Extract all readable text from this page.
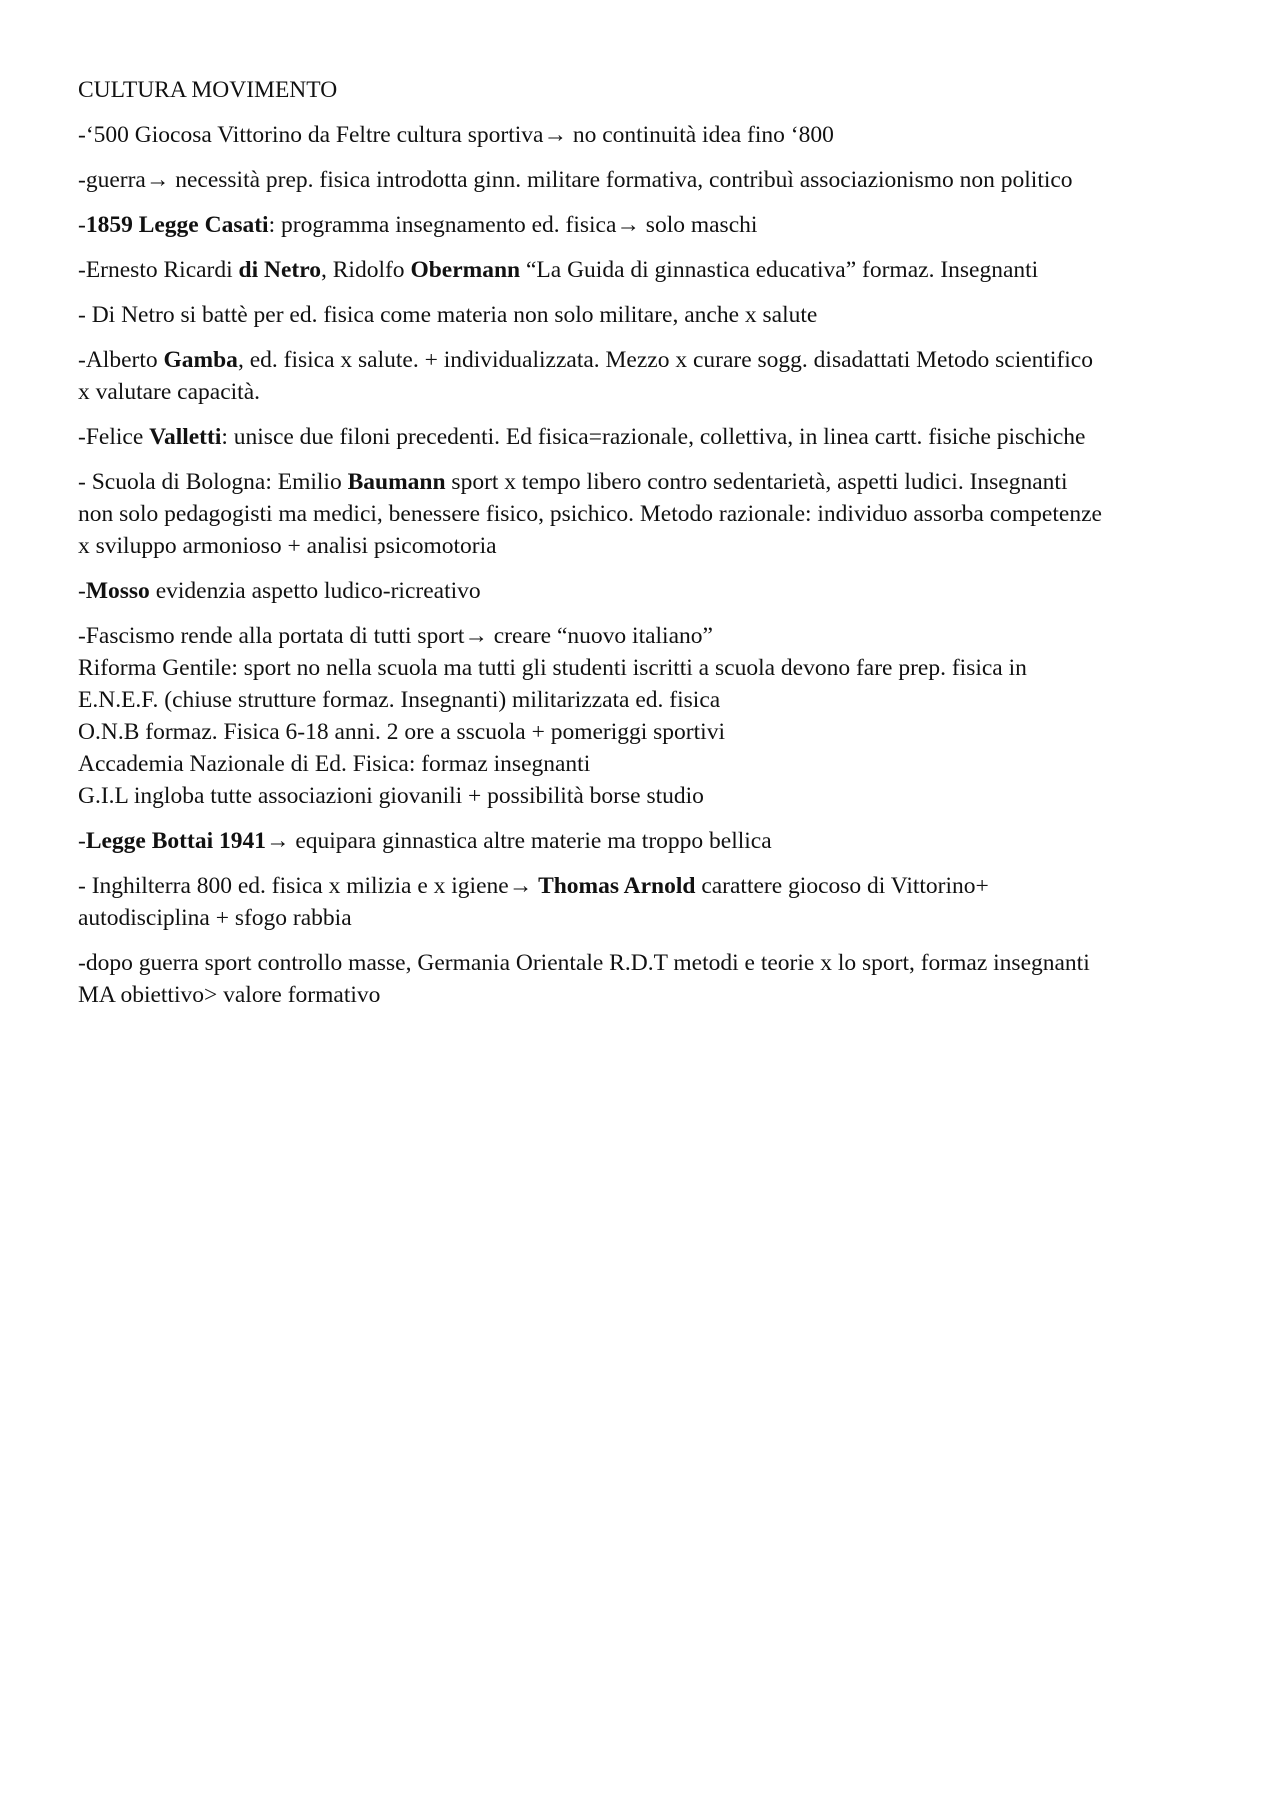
CULTURA MOVIMENTO
-‘500 Giocosa Vittorino da Feltre cultura sportiva→ no continuità idea fino ‘800
-guerra→ necessità prep. fisica introdotta ginn. militare formativa, contribuì associazionismo non politico
-1859 Legge Casati: programma insegnamento ed. fisica→ solo maschi
-Ernesto Ricardi di Netro, Ridolfo Obermann “La Guida di ginnastica educativa” formaz. Insegnanti
- Di Netro si battè per ed. fisica come materia non solo militare, anche x salute
-Alberto Gamba, ed. fisica x salute. + individualizzata. Mezzo x curare sogg. disadattati Metodo scientifico
x valutare capacità.
-Felice Valletti: unisce due filoni precedenti. Ed fisica=razionale, collettiva, in linea cartt. fisiche pischiche
- Scuola di Bologna: Emilio Baumann sport x tempo libero contro sedentarietà, aspetti ludici. Insegnanti
non solo pedagogisti ma medici, benessere fisico, psichico. Metodo razionale: individuo assorba competenze
x sviluppo armonioso + analisi psicomotoria
-Mosso evidenzia aspetto ludico-ricreativo
-Fascismo rende alla portata di tutti sport→ creare “nuovo italiano”
Riforma Gentile: sport no nella scuola ma tutti gli studenti iscritti a scuola devono fare prep. fisica in
E.N.E.F. (chiuse strutture formaz. Insegnanti) militarizzata ed. fisica
O.N.B formaz. Fisica 6-18 anni. 2 ore a sscuola + pomeriggi sportivi
Accademia Nazionale di Ed. Fisica: formaz insegnanti
G.I.L ingloba tutte associazioni giovanili + possibilità borse studio
-Legge Bottai 1941→ equipara ginnastica altre materie ma troppo bellica
- Inghilterra 800 ed. fisica x milizia e x igiene→ Thomas Arnold carattere giocoso di Vittorino+
autodisciplina + sfogo rabbia
-dopo guerra sport controllo masse, Germania Orientale R.D.T metodi e teorie x lo sport, formaz insegnanti
MA obiettivo> valore formativo
